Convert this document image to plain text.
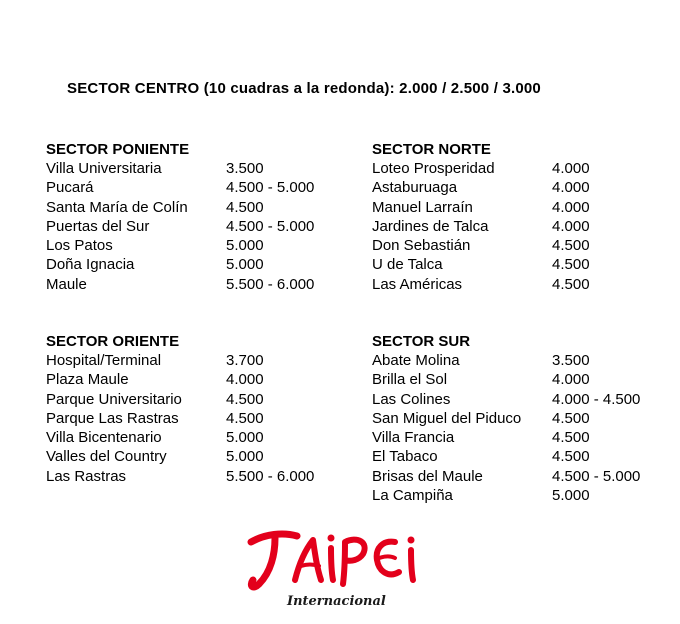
SECTOR CENTRO (10 cuadras a la redonda): 2.000 / 2.500 / 3.000
SECTOR PONIENTE
Villa Universitaria	3.500
Pucará	4.500 - 5.000
Santa María de Colín	4.500
Puertas del Sur	4.500 - 5.000
Los Patos	5.000
Doña Ignacia	5.000
Maule	5.500 - 6.000
SECTOR NORTE
Loteo Prosperidad	4.000
Astaburuaga	4.000
Manuel Larraín	4.000
Jardines de Talca	4.000
Don Sebastián	4.500
U de Talca	4.500
Las Américas	4.500
SECTOR ORIENTE
Hospital/Terminal	3.700
Plaza Maule	4.000
Parque Universitario	4.500
Parque Las Rastras	4.500
Villa Bicentenario	5.000
Valles del Country	5.000
Las Rastras	5.500 - 6.000
SECTOR SUR
Abate Molina	3.500
Brilla el Sol	4.000
Las Colines	4.000 - 4.500
San Miguel del Piduco 4.500
Villa Francia	4.500
El Tabaco	4.500
Brisas del Maule	4.500 - 5.000
La Campiña	5.000
Internacional
